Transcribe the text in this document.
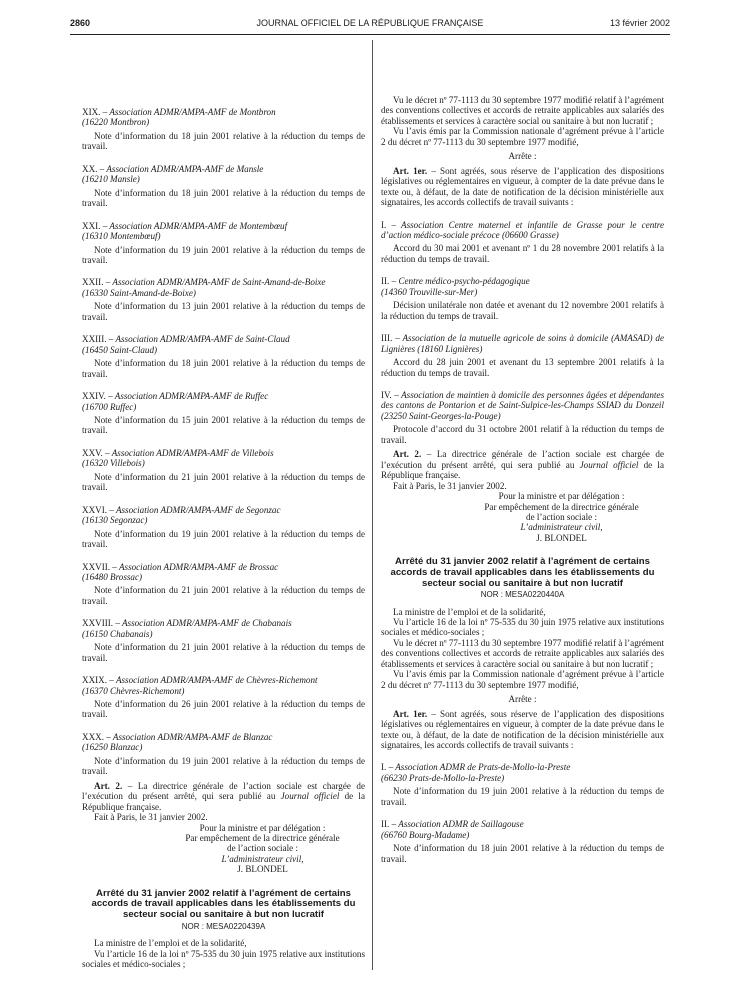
2860	JOURNAL OFFICIEL DE LA RÉPUBLIQUE FRANÇAISE	13 février 2002

XIX. – Association ADMR/AMPA-AMF de Montbron
(16220 Montbron)

Note d’information du 18 juin 2001 relative à la réduction du temps de travail.

XX. – Association ADMR/AMPA-AMF de Mansle
(16210 Mansle)

Note d’information du 18 juin 2001 relative à la réduction du temps de travail.

XXI. – Association ADMR/AMPA-AMF de Montembœuf
(16310 Montembœuf)

Note d’information du 19 juin 2001 relative à la réduction du temps de travail.

XXII. – Association ADMR/AMPA-AMF de Saint-Amand-de-Boixe
(16330 Saint-Amand-de-Boixe)

Note d’information du 13 juin 2001 relative à la réduction du temps de travail.

XXIII. – Association ADMR/AMPA-AMF de Saint-Claud
(16450 Saint-Claud)

Note d’information du 18 juin 2001 relative à la réduction du temps de travail.

XXIV. – Association ADMR/AMPA-AMF de Ruffec
(16700 Ruffec)

Note d’information du 15 juin 2001 relative à la réduction du temps de travail.

XXV. – Association ADMR/AMPA-AMF de Villebois
(16320 Villebois)

Note d’information du 21 juin 2001 relative à la réduction du temps de travail.

XXVI. – Association ADMR/AMPA-AMF de Segonzac
(16130 Segonzac)

Note d’information du 19 juin 2001 relative à la réduction du temps de travail.

XXVII. – Association ADMR/AMPA-AMF de Brossac
(16480 Brossac)

Note d’information du 21 juin 2001 relative à la réduction du temps de travail.

XXVIII. – Association ADMR/AMPA-AMF de Chabanais
(16150 Chabanais)

Note d’information du 21 juin 2001 relative à la réduction du temps de travail.

XXIX. – Association ADMR/AMPA-AMF de Chèvres-Richemont
(16370 Chèvres-Richemont)

Note d’information du 26 juin 2001 relative à la réduction du temps de travail.

XXX. – Association ADMR/AMPA-AMF de Blanzac
(16250 Blanzac)

Note d’information du 19 juin 2001 relative à la réduction du temps de travail.

Art. 2. – La directrice générale de l’action sociale est chargée de l’exécution du présent arrêté, qui sera publié au Journal officiel de la République française.

Fait à Paris, le 31 janvier 2002.

Pour la ministre et par délégation :
Par empêchement de la directrice générale
de l’action sociale :
L’administrateur civil,
J. BLONDEL
Arrêté du 31 janvier 2002 relatif à l’agrément de certains accords de travail applicables dans les établissements du secteur social ou sanitaire à but non lucratif
NOR : MESA0220439A

La ministre de l’emploi et de la solidarité,

Vu l’article 16 de la loi nº 75-535 du 30 juin 1975 relative aux institutions sociales et médico-sociales ;

Vu le décret nº 77-1113 du 30 septembre 1977 modifié relatif à l’agrément des conventions collectives et accords de retraite applicables aux salariés des établissements et services à caractère social ou sanitaire à but non lucratif ;

Vu l’avis émis par la Commission nationale d’agrément prévue à l’article 2 du décret nº 77-1113 du 30 septembre 1977 modifié,

Arrête :

Art. 1er. – Sont agréés, sous réserve de l’application des dispositions législatives ou réglementaires en vigueur, à compter de la date prévue dans le texte ou, à défaut, de la date de notification de la décision ministérielle aux signataires, les accords collectifs de travail suivants :

I. – Association Centre maternel et infantile de Grasse pour le centre d’action médico-sociale précoce (06600 Grasse)

Accord du 30 mai 2001 et avenant nº 1 du 28 novembre 2001 relatifs à la réduction du temps de travail.

II. – Centre médico-psycho-pédagogique
(14360 Trouville-sur-Mer)

Décision unilatérale non datée et avenant du 12 novembre 2001 relatifs à la réduction du temps de travail.

III. – Association de la mutuelle agricole de soins à domicile (AMASAD) de Lignières (18160 Lignières)

Accord du 28 juin 2001 et avenant du 13 septembre 2001 relatifs à la réduction du temps de travail.

IV. – Association de maintien à domicile des personnes âgées et dépendantes des cantons de Pontarion et de Saint-Sulpice-les-Champs SSIAD du Donzeil (23250 Saint-Georges-la-Pouge)

Protocole d’accord du 31 octobre 2001 relatif à la réduction du temps de travail.

Art. 2. – La directrice générale de l’action sociale est chargée de l’exécution du présent arrêté, qui sera publié au Journal officiel de la République française.

Fait à Paris, le 31 janvier 2002.

Pour la ministre et par délégation :
Par empêchement de la directrice générale
de l’action sociale :
L’administrateur civil,
J. BLONDEL
Arrêté du 31 janvier 2002 relatif à l’agrément de certains accords de travail applicables dans les établissements du secteur social ou sanitaire à but non lucratif
NOR : MESA0220440A

La ministre de l’emploi et de la solidarité,

Vu l’article 16 de la loi nº 75-535 du 30 juin 1975 relative aux institutions sociales et médico-sociales ;

Vu le décret nº 77-1113 du 30 septembre 1977 modifié relatif à l’agrément des conventions collectives et accords de retraite applicables aux salariés des établissements et services à caractère social ou sanitaire à but non lucratif ;

Vu l’avis émis par la Commission nationale d’agrément prévue à l’article 2 du décret nº 77-1113 du 30 septembre 1977 modifié,

Arrête :

Art. 1er. – Sont agréés, sous réserve de l’application des dispositions législatives ou réglementaires en vigueur, à compter de la date prévue dans le texte ou, à défaut, de la date de notification de la décision ministérielle aux signataires, les accords collectifs de travail suivants :

I. – Association ADMR de Prats-de-Mollo-la-Preste
(66230 Prats-de-Mollo-la-Preste)

Note d’information du 19 juin 2001 relative à la réduction du temps de travail.

II. – Association ADMR de Saillagouse
(66760 Bourg-Madame)

Note d’information du 18 juin 2001 relative à la réduction du temps de travail.
